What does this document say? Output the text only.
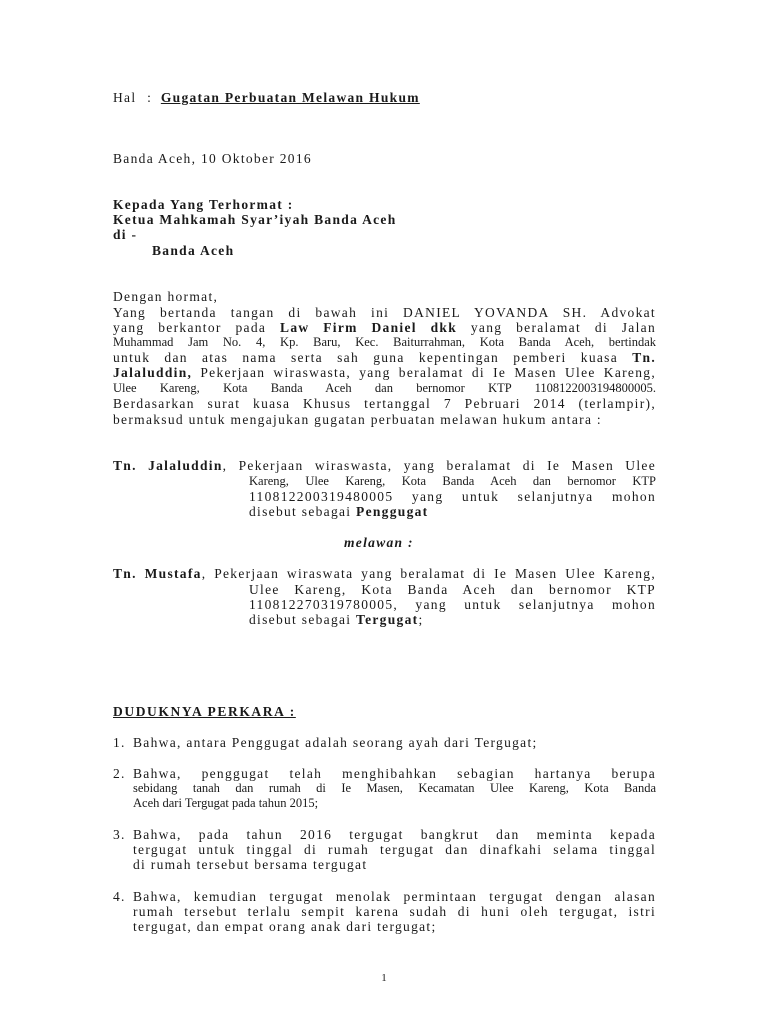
Hal : Gugatan Perbuatan Melawan Hukum
Banda Aceh, 10 Oktober 2016
Kepada Yang Terhormat :
Ketua Mahkamah Syar’iyah Banda Aceh
di -
Banda Aceh
Dengan hormat,
Yang bertanda tangan di bawah ini DANIEL YOVANDA SH. Advokat
yang berkantor pada Law Firm Daniel dkk yang beralamat di Jalan
Muhammad Jam No. 4, Kp. Baru, Kec. Baiturrahman, Kota Banda Aceh, bertindak
untuk dan atas nama serta sah guna kepentingan pemberi kuasa Tn.
Jalaluddin, Pekerjaan wiraswasta, yang beralamat di Ie Masen Ulee Kareng,
Ulee Kareng, Kota Banda Aceh dan bernomor KTP 1108122003194800005.
Berdasarkan surat kuasa Khusus tertanggal 7 Pebruari 2014 (terlampir),
bermaksud untuk mengajukan gugatan perbuatan melawan hukum antara :
Tn. Jalaluddin, Pekerjaan wiraswasta, yang beralamat di Ie Masen Ulee
Kareng, Ulee Kareng, Kota Banda Aceh dan bernomor KTP
110812200319480005 yang untuk selanjutnya mohon
disebut sebagai Penggugat
melawan :
Tn. Mustafa, Pekerjaan wiraswata yang beralamat di Ie Masen Ulee Kareng,
Ulee Kareng, Kota Banda Aceh dan bernomor KTP
110812270319780005, yang untuk selanjutnya mohon
disebut sebagai Tergugat;
DUDUKNYA PERKARA :
1. Bahwa, antara Penggugat adalah seorang ayah dari Tergugat;
2. Bahwa, penggugat telah menghibahkan sebagian hartanya berupa
sebidang tanah dan rumah di Ie Masen, Kecamatan Ulee Kareng, Kota Banda
Aceh dari Tergugat pada tahun 2015;
3. Bahwa, pada tahun 2016 tergugat bangkrut dan meminta kepada
tergugat untuk tinggal di rumah tergugat dan dinafkahi selama tinggal
di rumah tersebut bersama tergugat
4. Bahwa, kemudian tergugat menolak permintaan tergugat dengan alasan
rumah tersebut terlalu sempit karena sudah di huni oleh tergugat, istri
tergugat, dan empat orang anak dari tergugat;
1
